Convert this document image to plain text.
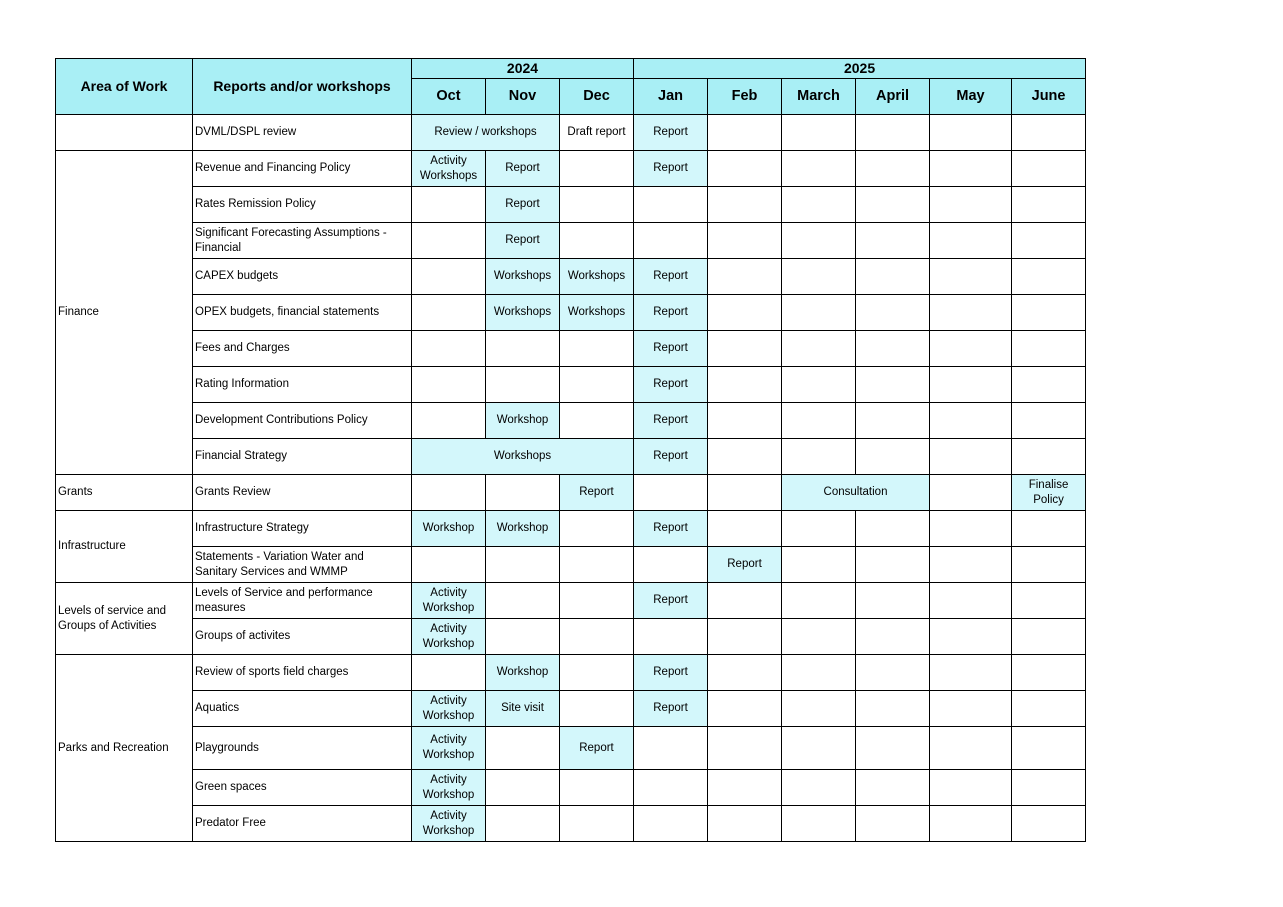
Area of Work	Reports and/or workshops	2024			2025					
		Oct	Nov	Dec	Jan	Feb	March	April	May	June
	DVML/DSPL review	Review / workshops		Draft report	Report					
Finance	Revenue and Financing Policy	Activity Workshops	Report		Report					
	Rates Remission Policy		Report							
	Significant Forecasting Assumptions - Financial		Report							
	CAPEX budgets		Workshops	Workshops	Report					
	OPEX budgets, financial statements		Workshops	Workshops	Report					
	Fees and Charges				Report					
	Rating Information				Report					
	Development Contributions Policy		Workshop		Report					
	Financial Strategy	Workshops			Report					
Grants	Grants Review			Report			Consultation			Finalise Policy
Infrastructure	Infrastructure Strategy	Workshop	Workshop		Report					
	Statements - Variation Water and Sanitary Services and WMMP					Report				
Levels of service and Groups of Activities	Levels of Service and performance measures	Activity Workshop			Report					
	Groups of activites	Activity Workshop								
Parks and Recreation	Review of sports field charges		Workshop		Report					
	Aquatics	Activity Workshop	Site visit		Report					
	Playgrounds	Activity Workshop		Report						
	Green spaces	Activity Workshop								
	Predator Free	Activity Workshop								
